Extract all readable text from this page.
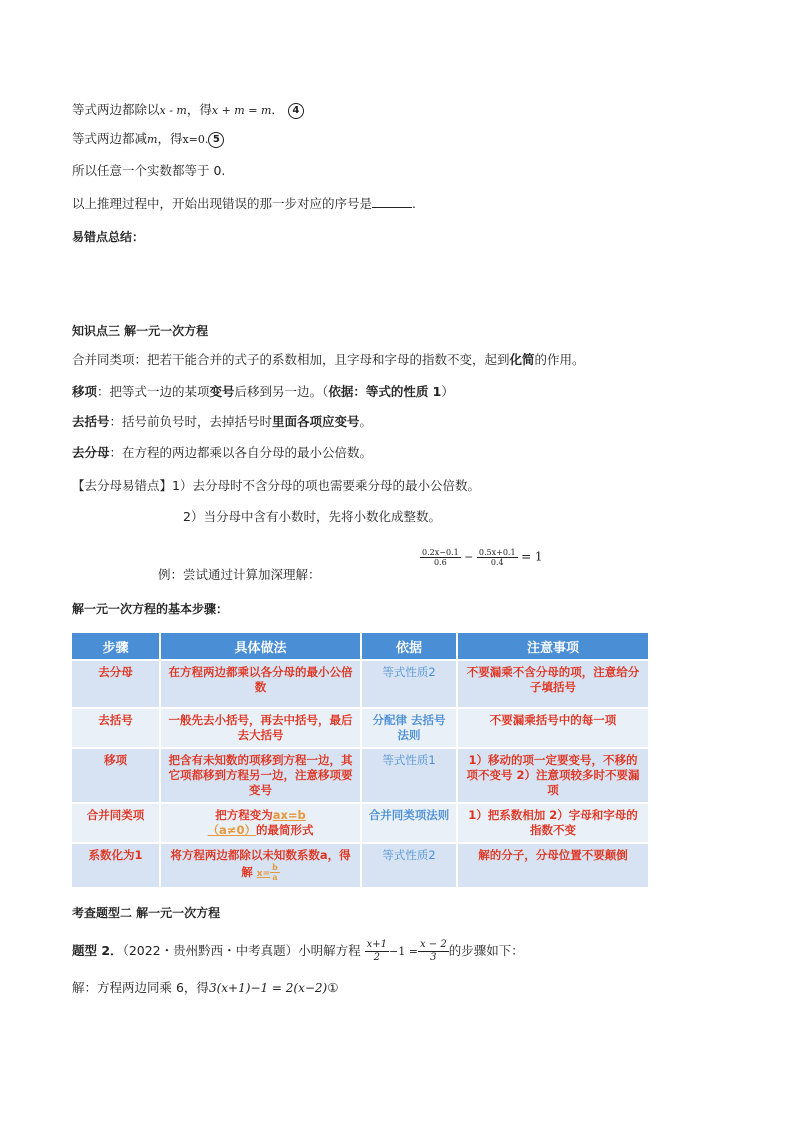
等式两边都除以x - m，得x + m = m． 4
等式两边都减m，得x=0. 5
所以任意一个实数都等于 0.
以上推理过程中，开始出现错误的那一步对应的序号是	.
易错点总结：
知识点三 解一元一次方程
合并同类项：把若干能合并的式子的系数相加，且字母和字母的指数不变，起到化简的作用。
移项：把等式一边的某项变号后移到另一边。（依据：等式的性质 1）
去括号：括号前负号时，去掉括号时里面各项应变号。
去分母：在方程的两边都乘以各自分母的最小公倍数。
【去分母易错点】1）去分母时不含分母的项也需要乘分母的最小公倍数。
2）当分母中含有小数时，先将小数化成整数。
例：尝试通过计算加深理解：
$\frac{0.2x-0.1}{0.6} - \frac{0.5x+0.1}{0.4} = 1$
解一元一次方程的基本步骤：
步骤	具体做法	依据	注意事项
去分母	在方程两边都乘以各分母的最小公倍数	等式性质2	不要漏乘不含分母的项，注意给分子填括号
去括号	一般先去小括号，再去中括号，最后去大括号	分配律 去括号法则	不要漏乘括号中的每一项
移项	把含有未知数的项移到方程一边，其它项都移到方程另一边，注意移项要变号	等式性质1	1）移动的项一定要变号，不移的项不变号 2）注意项较多时不要漏项
合并同类项	把方程变为ax=b
（a≠0）的最简形式	合并同类项法则	1）把系数相加 2）字母和字母的指数不变
系数化为1	将方程两边都除以未知数系数a，得解 $x= \frac{b}{a}$	等式性质2	解的分子，分母位置不要颠倒
考查题型二 解一元一次方程
题型 2．（2022・贵州黔西・中考真题）小明解方程 $\frac{x+1}{2} -1 = \frac{x - 2}{3}$ 的步骤如下：
解：方程两边同乘 6，得3(x+1)−1 = 2(x−2)①
